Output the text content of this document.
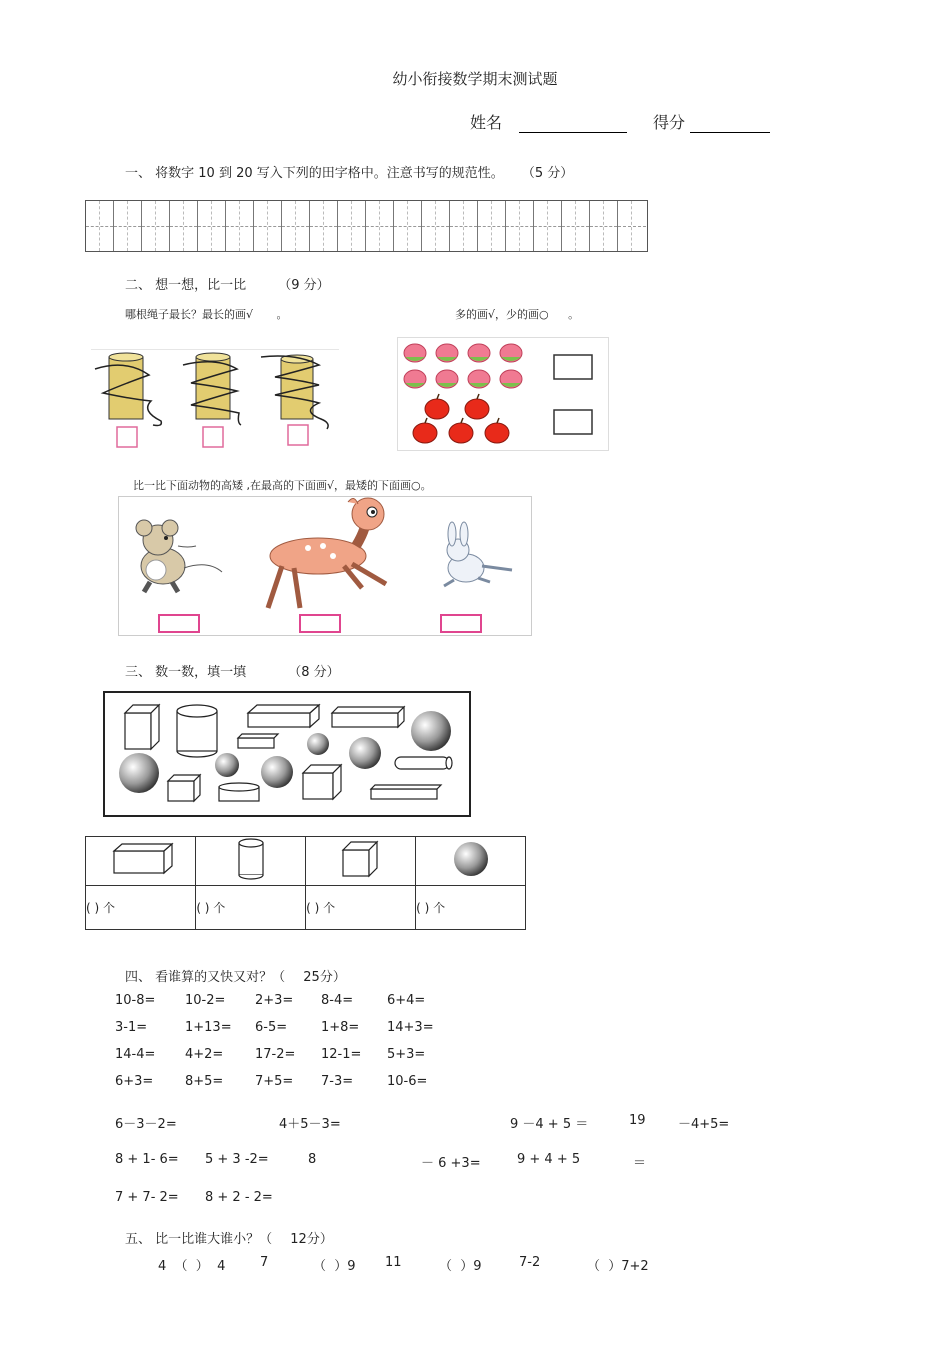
幼小衔接数学期末测试题
姓名	得分
一、 将数字 10 到 20 写入下列的田字格中。注意书写的规范性。 （5 分）
二、 想一想，比一比 （9 分）
哪根绳子最长？最长的画√ 。	多的画√，少的画○ 。
比一比下面动物的高矮 ,在最高的下面画√，最矮的下面画○。
三、 数一数，填一填	（8 分）

( ) 个	( ) 个	( ) 个	( ) 个
四、 看谁算的又快又对？（ 25分）
10-8= 10-2= 2+3= 8-4=	6+4=
3-1=	1+13= 6-5=	1+8= 14+3=
14-4= 4+2= 17-2= 12-1= 5+3=
6+3= 8+5= 7+5= 7-3=	10-6=
6－3－2=	4＋5－3=	9 －4 + 5 ＝	19 －4+5=
8 + 1- 6= 5 + 3 -2=	8	－ 6 +3=	9 + 4 + 5	＝
7 + 7- 2= 8 + 2 - 2=
五、 比一比谁大谁小？（ 12分）
4  （  ）  4	7	（  ）9 11	（  ）9	7-2	（  ）7+2
